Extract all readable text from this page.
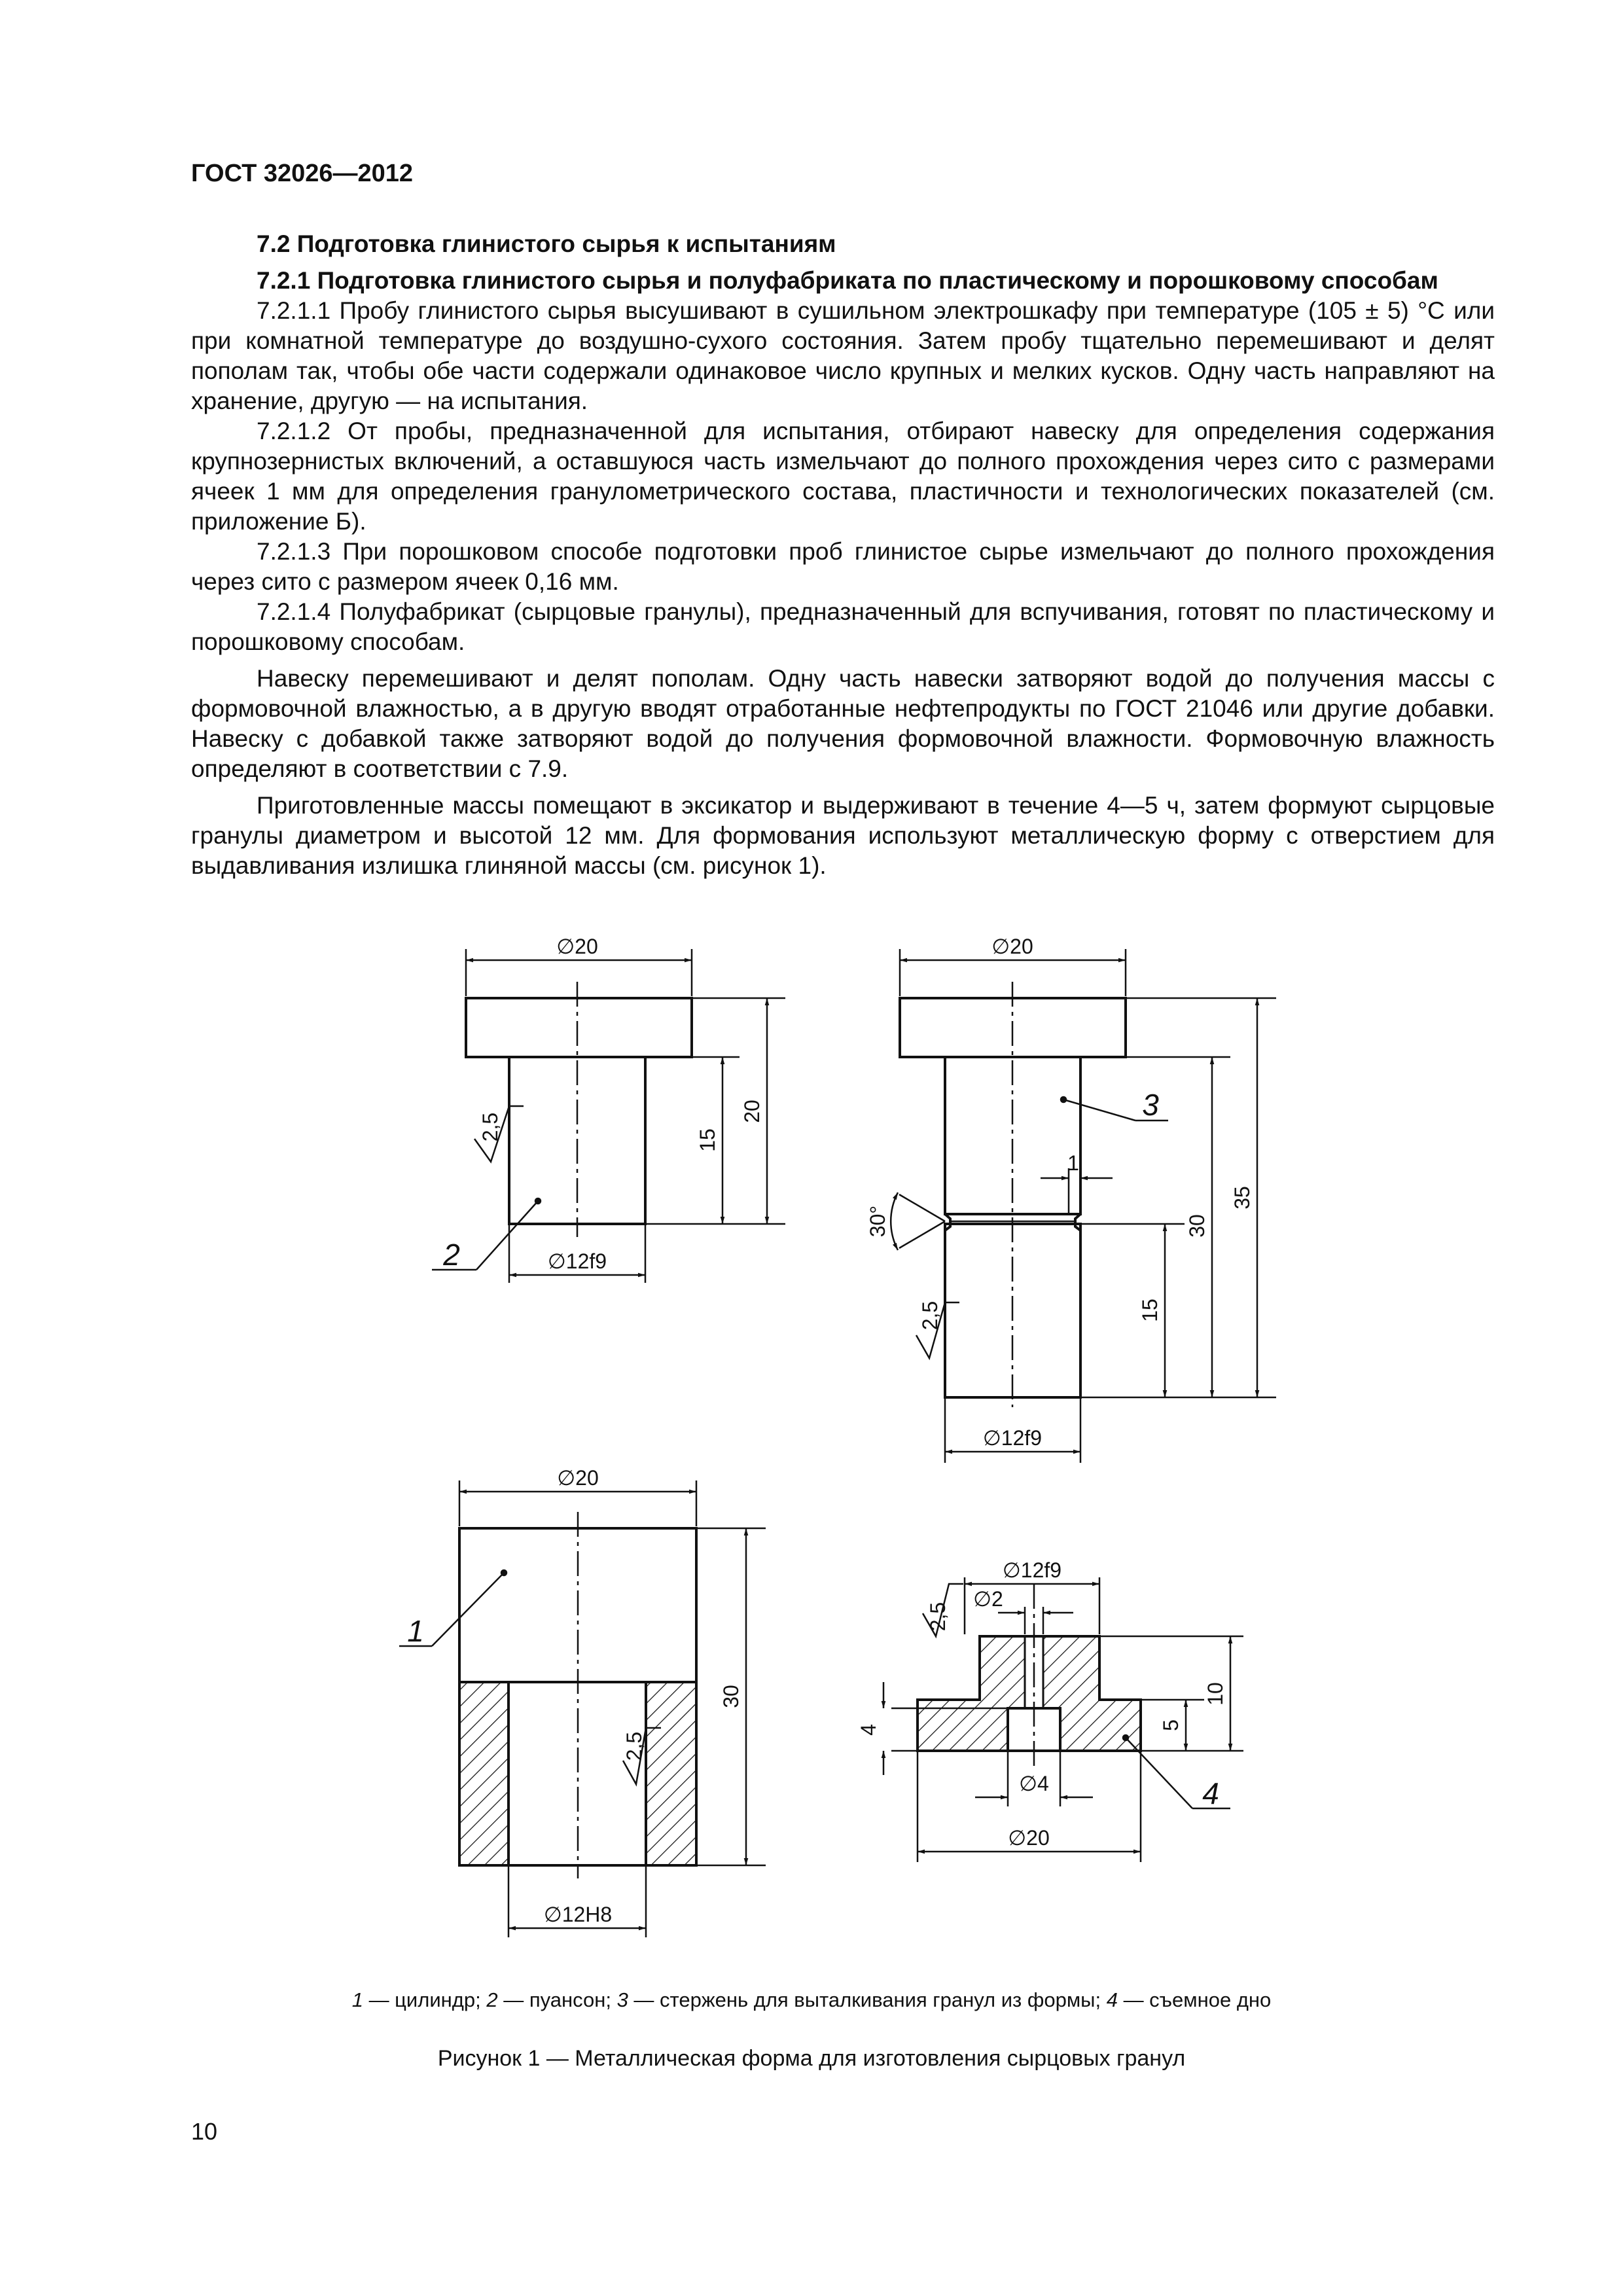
ГОСТ 32026—2012

7.2 Подготовка глинистого сырья к испытаниям

7.2.1 Подготовка глинистого сырья и полуфабриката по пластическому и порошковому способам

7.2.1.1 Пробу глинистого сырья высушивают в сушильном электрошкафу при температуре (105 ± 5) °С или при комнатной температуре до воздушно-сухого состояния. Затем пробу тщательно перемешивают и делят пополам так, чтобы обе части содержали одинаковое число крупных и мелких кусков. Одну часть направляют на хранение, другую — на испытания.

7.2.1.2 От пробы, предназначенной для испытания, отбирают навеску для определения содержания крупнозернистых включений, а оставшуюся часть измельчают до полного прохождения через сито с размерами ячеек 1 мм для определения гранулометрического состава, пластичности и технологических показателей (см. приложение Б).

7.2.1.3 При порошковом способе подготовки проб глинистое сырье измельчают до полного прохождения через сито с размером ячеек 0,16 мм.

7.2.1.4 Полуфабрикат (сырцовые гранулы), предназначенный для вспучивания, готовят по пластическому и порошковому способам.

Навеску перемешивают и делят пополам. Одну часть навески затворяют водой до получения массы с формовочной влажностью, а в другую вводят отработанные нефтепродукты по ГОСТ 21046 или другие добавки. Навеску с добавкой также затворяют водой до получения формовочной влажности. Формовочную влажность определяют в соответствии с 7.9.

Приготовленные массы помещают в эксикатор и выдерживают в течение 4—5 ч, затем формуют сырцовые гранулы диаметром и высотой 12 мм. Для формования используют металлическую форму с отверстием для выдавливания излишка глиняной массы (см. рисунок 1).

∅20
∅12f9
15
20
2,5
∅20
∅12f9
1
15
30
35
30°
2,5
∅20
∅12H8
30
2,5
∅12f9
∅2
∅4
∅20
4	5
10
2,5
2
3
1
4
1 — цилиндр; 2 — пуансон; 3 — стержень для выталкивания гранул из формы; 4 — съемное дно
Рисунок 1 — Металлическая форма для изготовления сырцовых гранул
10
